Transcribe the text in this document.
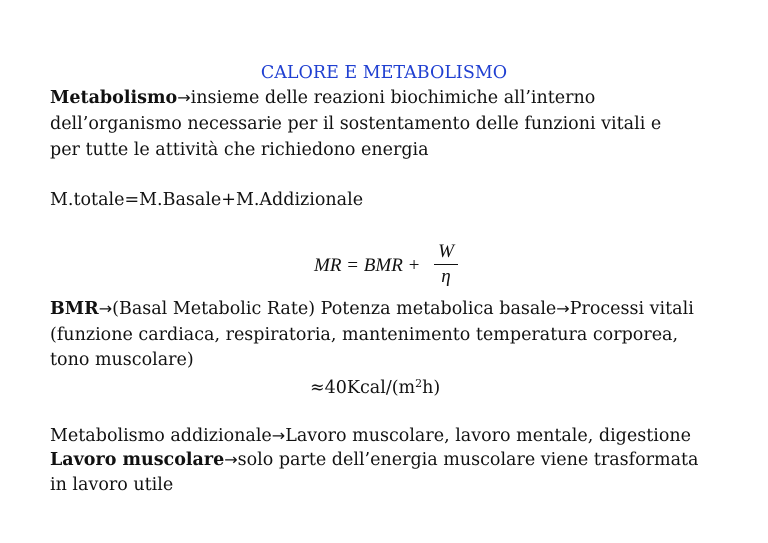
CALORE E METABOLISMO
Metabolismo→insieme delle reazioni biochimiche all’interno
dell’organismo necessarie per il sostentamento delle funzioni vitali e
per tutte le attività che richiedono energia
M.totale=M.Basale+M.Addizionale
MR = BMR +
W
η
BMR→(Basal Metabolic Rate) Potenza metabolica basale→Processi vitali
(funzione cardiaca, respiratoria, mantenimento temperatura corporea,
tono muscolare)
$\approx 40Kcal/(m^2h)$
Metabolismo addizionale→Lavoro muscolare, lavoro mentale, digestione
Lavoro muscolare→solo parte dell’energia muscolare viene trasformata
in lavoro utile
